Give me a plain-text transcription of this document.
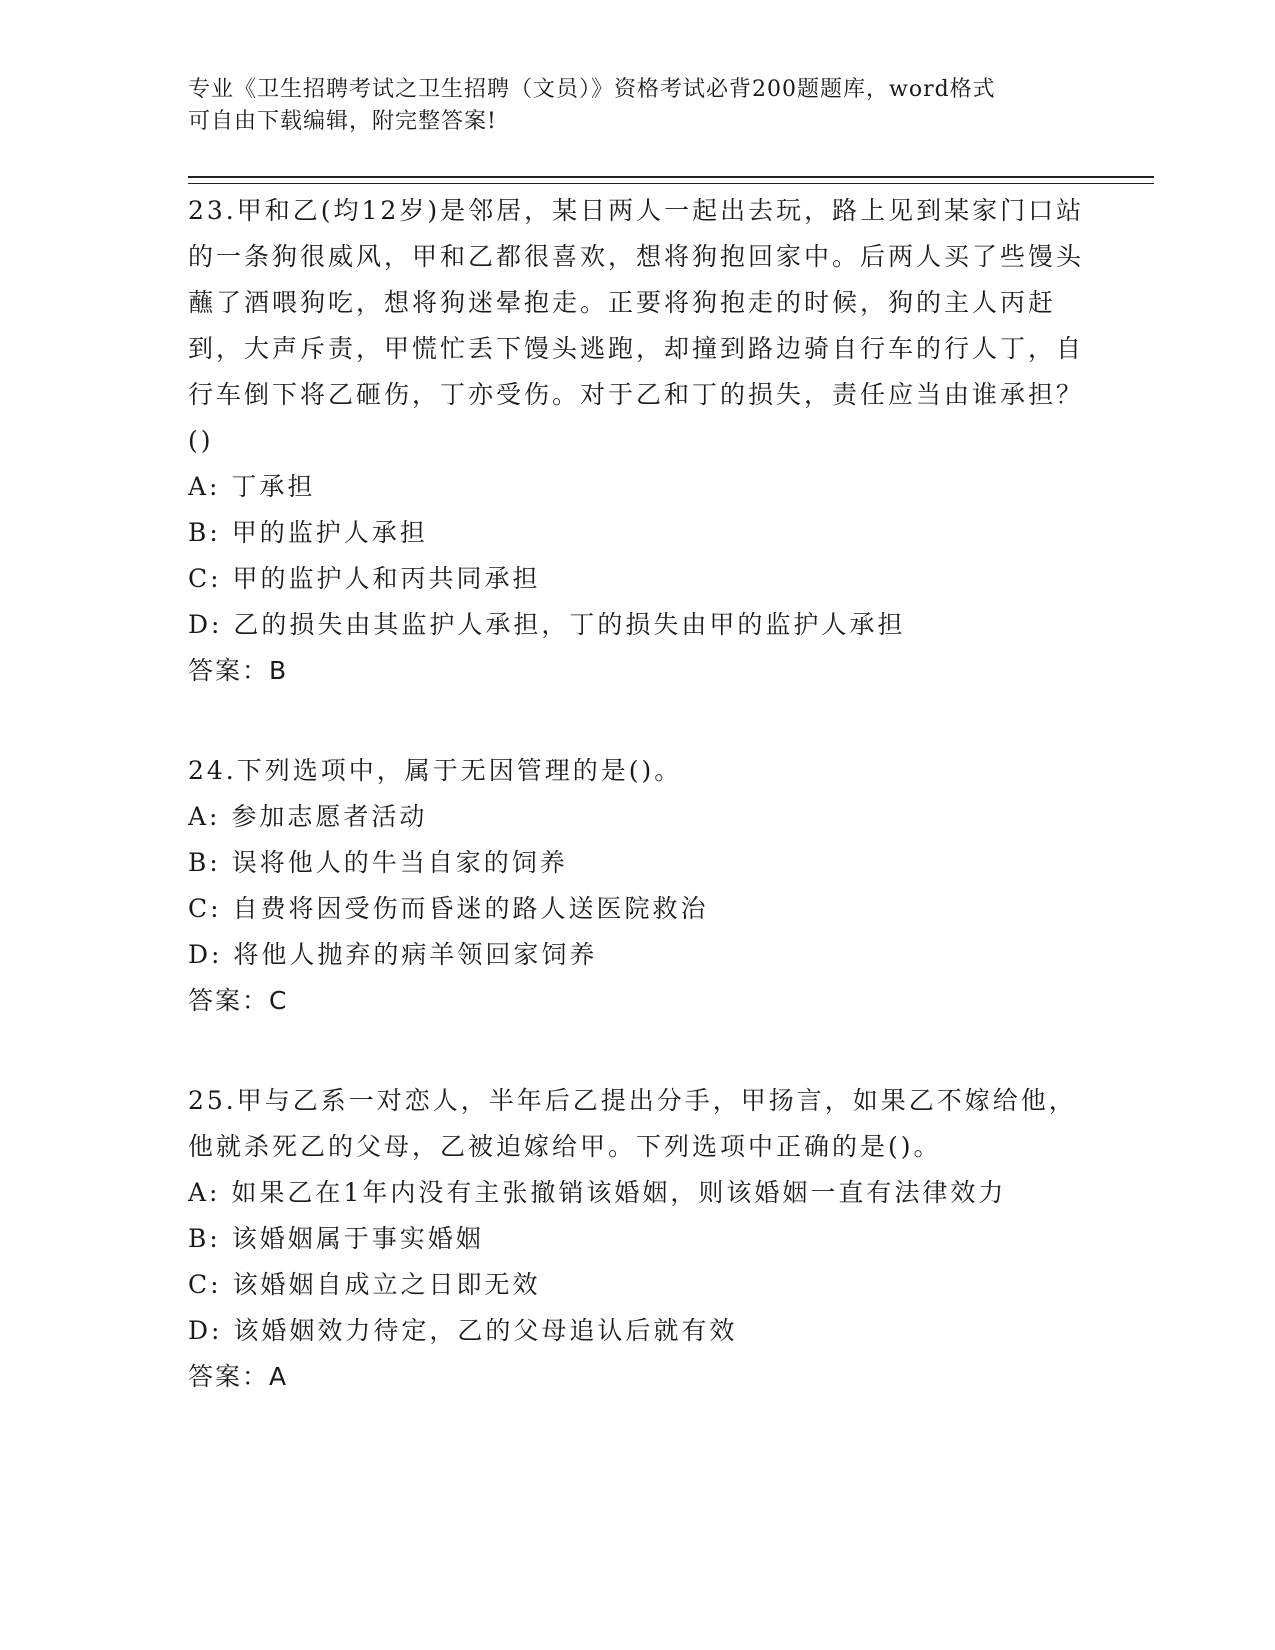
专业《卫生招聘考试之卫生招聘（文员）》资格考试必背200题题库，word格式
可自由下载编辑，附完整答案!

23.甲和乙(均12岁)是邻居，某日两人一起出去玩，路上见到某家门口站的一条狗很威风，甲和乙都很喜欢，想将狗抱回家中。后两人买了些馒头蘸了酒喂狗吃，想将狗迷晕抱走。正要将狗抱走的时候，狗的主人丙赶到，大声斥责，甲慌忙丢下馒头逃跑，却撞到路边骑自行车的行人丁，自行车倒下将乙砸伤，丁亦受伤。对于乙和丁的损失，责任应当由谁承担？()

A: 丁承担

B: 甲的监护人承担

C: 甲的监护人和丙共同承担

D: 乙的损失由其监护人承担，丁的损失由甲的监护人承担

答案：B

24.下列选项中，属于无因管理的是()。

A: 参加志愿者活动

B: 误将他人的牛当自家的饲养

C: 自费将因受伤而昏迷的路人送医院救治

D: 将他人抛弃的病羊领回家饲养

答案：C

25.甲与乙系一对恋人，半年后乙提出分手，甲扬言，如果乙不嫁给他，他就杀死乙的父母，乙被迫嫁给甲。下列选项中正确的是()。

A: 如果乙在1年内没有主张撤销该婚姻，则该婚姻一直有法律效力

B: 该婚姻属于事实婚姻

C: 该婚姻自成立之日即无效

D: 该婚姻效力待定，乙的父母追认后就有效

答案：A
